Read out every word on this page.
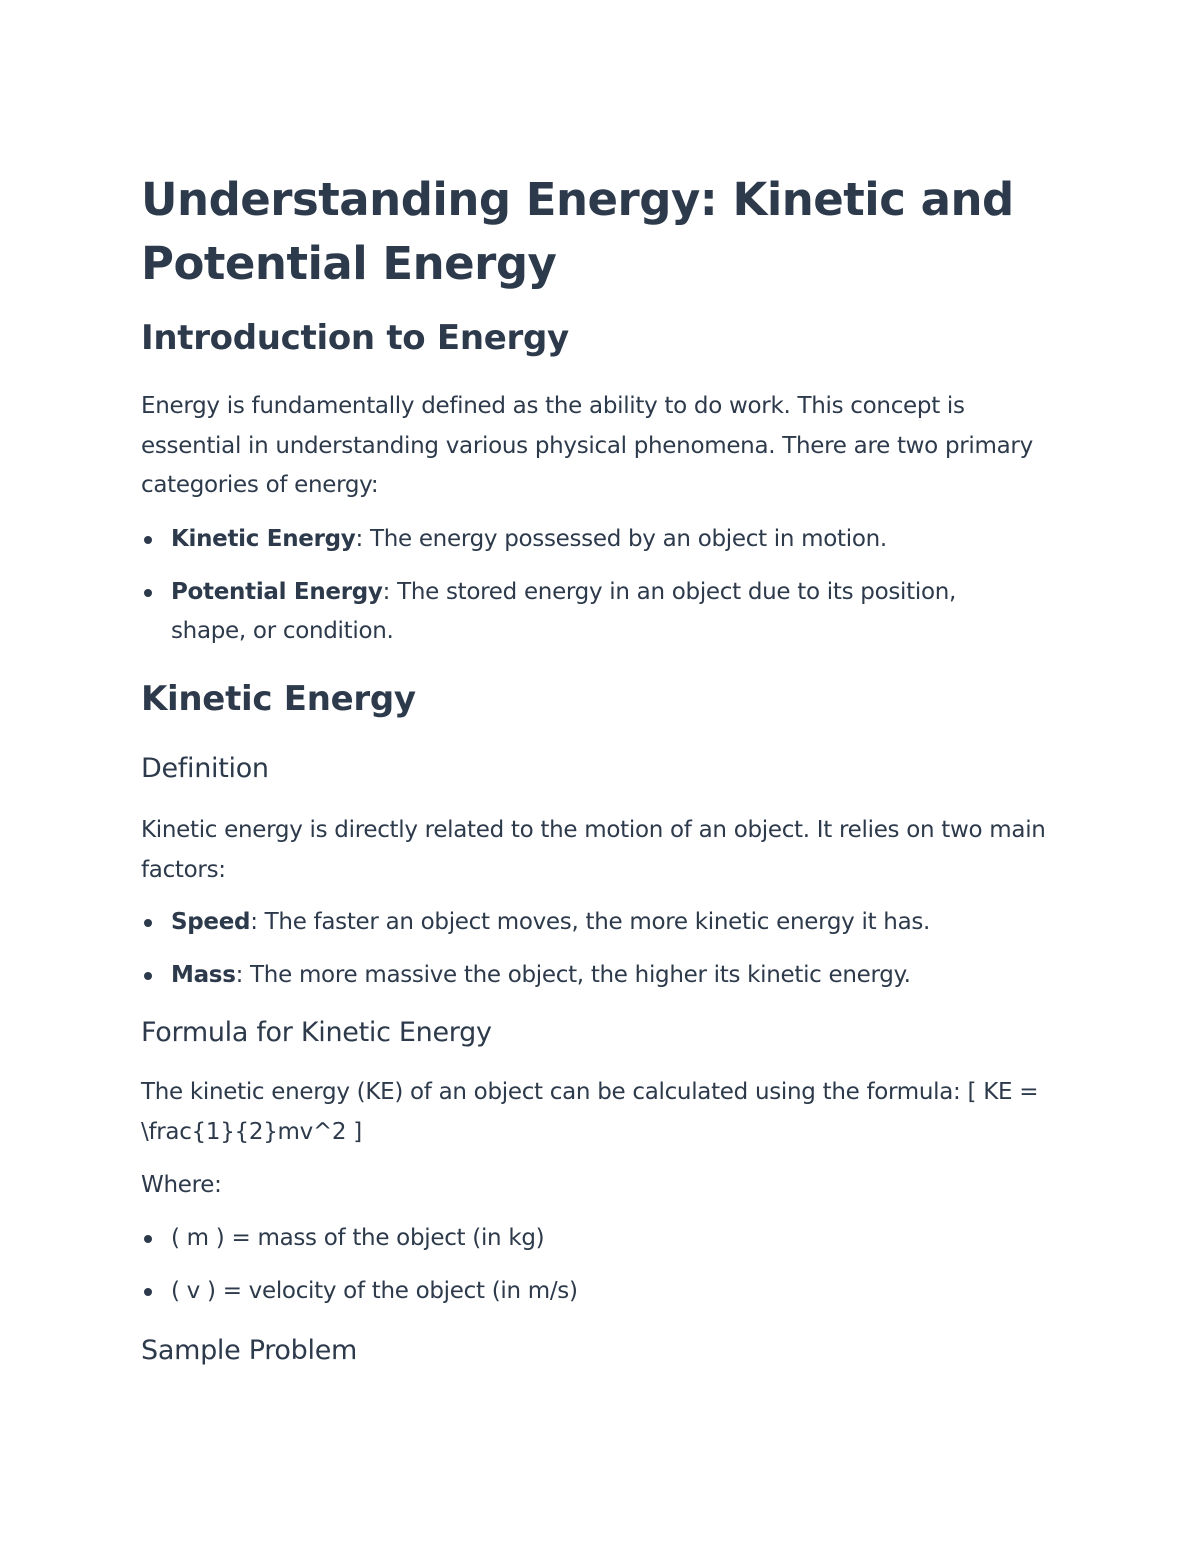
Understanding Energy: Kinetic and Potential Energy
Introduction to Energy

Energy is fundamentally defined as the ability to do work. This concept is essential in understanding various physical phenomena. There are two primary categories of energy:

Kinetic Energy: The energy possessed by an object in motion.
Potential Energy: The stored energy in an object due to its position, shape, or condition.
Kinetic Energy
Definition

Kinetic energy is directly related to the motion of an object. It relies on two main factors:

Speed: The faster an object moves, the more kinetic energy it has.
Mass: The more massive the object, the higher its kinetic energy.
Formula for Kinetic Energy

The kinetic energy (KE) of an object can be calculated using the formula: [ KE = \frac{1}{2}mv^2 ]

Where:

( m ) = mass of the object (in kg)
( v ) = velocity of the object (in m/s)
Sample Problem
